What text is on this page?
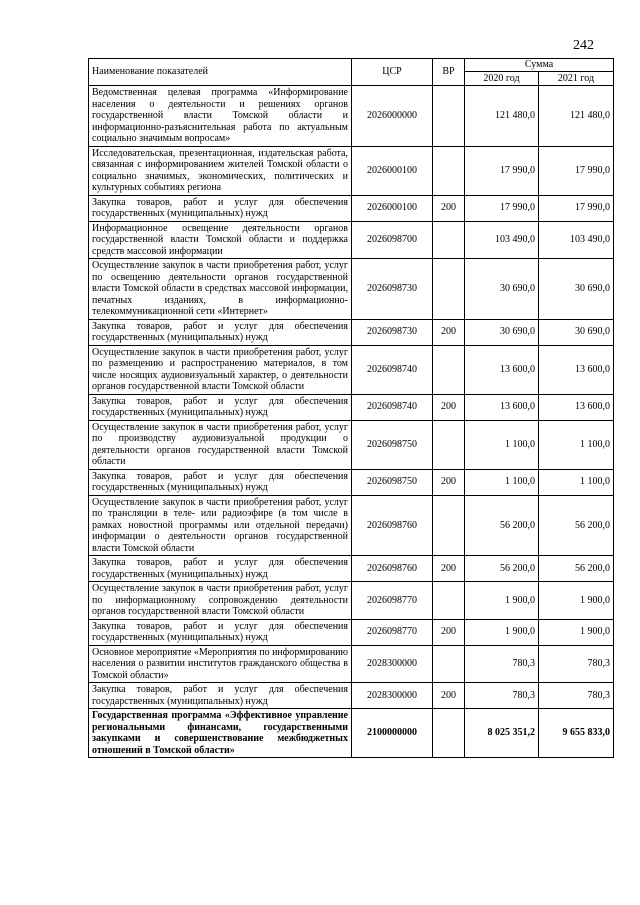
242
Наименование показателей	ЦСР	ВР	Сумма	
			2020 год	2021 год
Ведомственная целевая программа «Информирование населения о деятельности и решениях органов государственной власти Томской области и информационно-разъяснительная работа по актуальным социально значимым вопросам»	2026000000		121 480,0	121 480,0
Исследовательская, презентационная, издательская работа, связанная с информированием жителей Томской области о социально значимых, экономических, политических и культурных событиях региона	2026000100		17 990,0	17 990,0
Закупка товаров, работ и услуг для обеспечения государственных (муниципальных) нужд	2026000100	200	17 990,0	17 990,0
Информационное освещение деятельности органов государственной власти Томской области и поддержка средств массовой информации	2026098700		103 490,0	103 490,0
Осуществление закупок в части приобретения работ, услуг по освещению деятельности органов государственной власти Томской области в средствах массовой информации, печатных изданиях, в информационно-телекоммуникационной сети «Интернет»	2026098730		30 690,0	30 690,0
Закупка товаров, работ и услуг для обеспечения государственных (муниципальных) нужд	2026098730	200	30 690,0	30 690,0
Осуществление закупок в части приобретения работ, услуг по размещению и распространению материалов, в том числе носящих аудиовизуальный характер, о деятельности органов государственной власти Томской области	2026098740		13 600,0	13 600,0
Закупка товаров, работ и услуг для обеспечения государственных (муниципальных) нужд	2026098740	200	13 600,0	13 600,0
Осуществление закупок в части приобретения работ, услуг по производству аудиовизуальной продукции о деятельности органов государственной власти Томской области	2026098750		1 100,0	1 100,0
Закупка товаров, работ и услуг для обеспечения государственных (муниципальных) нужд	2026098750	200	1 100,0	1 100,0
Осуществление закупок в части приобретения работ, услуг по трансляции в теле- или радиоэфире (в том числе в рамках новостной программы или отдельной передачи) информации о деятельности органов государственной власти Томской области	2026098760		56 200,0	56 200,0
Закупка товаров, работ и услуг для обеспечения государственных (муниципальных) нужд	2026098760	200	56 200,0	56 200,0
Осуществление закупок в части приобретения работ, услуг по информационному сопровождению деятельности органов государственной власти Томской области	2026098770		1 900,0	1 900,0
Закупка товаров, работ и услуг для обеспечения государственных (муниципальных) нужд	2026098770	200	1 900,0	1 900,0
Основное мероприятие «Мероприятия по информированию населения о развитии институтов гражданского общества в Томской области»	2028300000		780,3	780,3
Закупка товаров, работ и услуг для обеспечения государственных (муниципальных) нужд	2028300000	200	780,3	780,3
Государственная программа «Эффективное управление региональными финансами, государственными закупками и совершенствование межбюджетных отношений в Томской области»	2100000000		8 025 351,2	9 655 833,0
